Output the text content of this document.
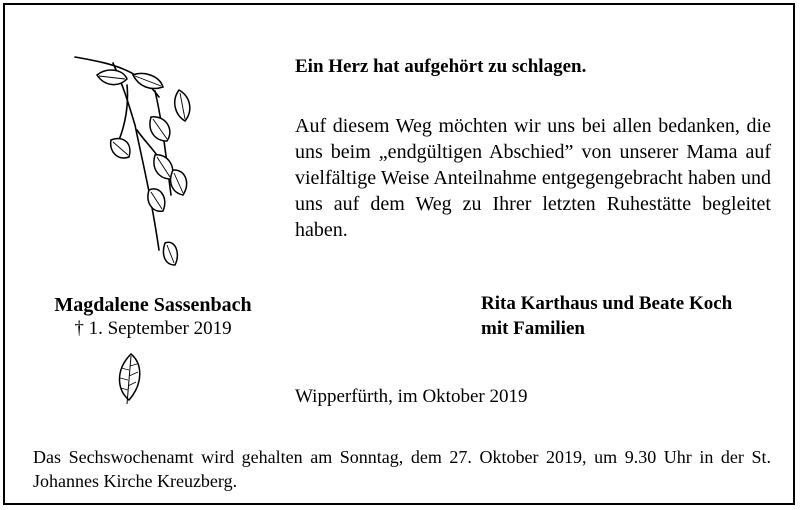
Magdalene Sassenbach
† 1. September 2019
Ein Herz hat aufgehört zu schlagen.
Auf diesem Weg möchten wir uns bei allen bedanken, die uns beim „endgültigen Abschied” von unserer Mama auf vielfältige Weise Anteilnahme entgegengebracht haben und uns auf dem Weg zu Ihrer letzten Ruhestätte begleitet haben.
Rita Karthaus und Beate Koch
mit Familien
Wipperfürth, im Oktober 2019
Das Sechswochenamt wird gehalten am Sonntag, dem 27. Oktober 2019, um 9.30 Uhr in der St. Johannes Kirche Kreuzberg.
